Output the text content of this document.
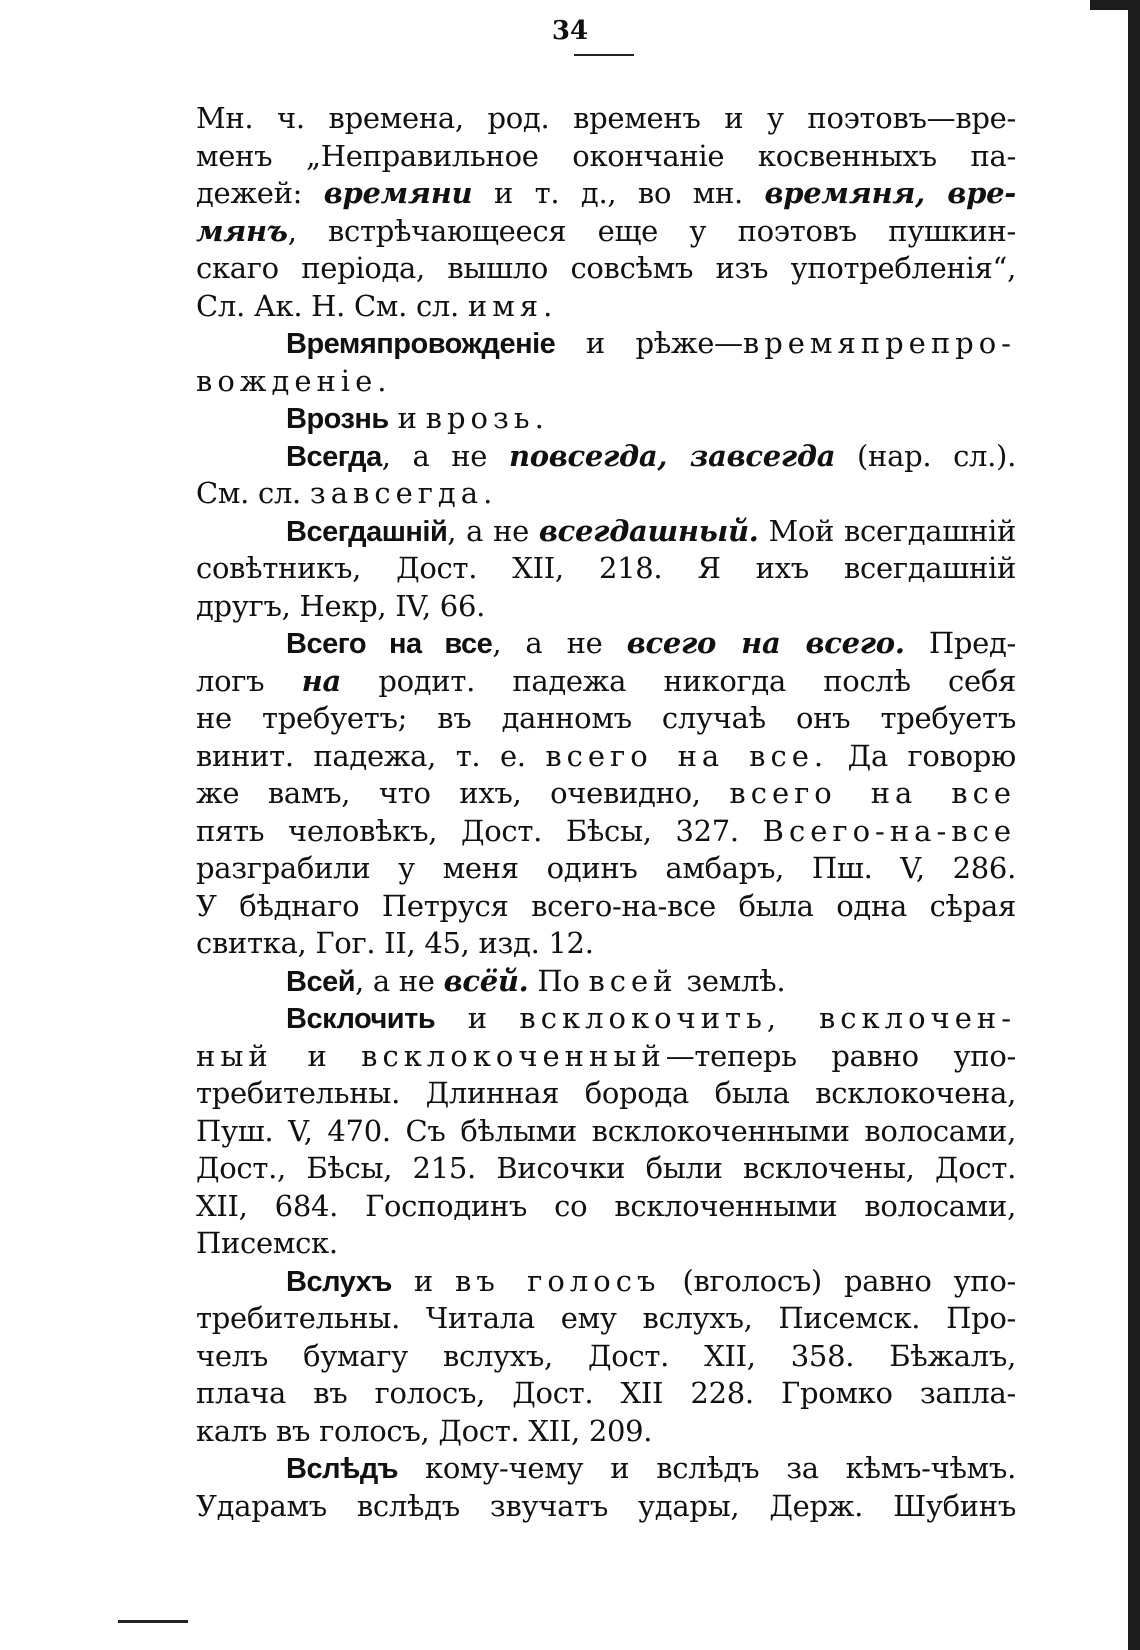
34
Мн. ч. времена, род. временъ и у поэтовъ—вре-
менъ „Неправильное окончаніе косвенныхъ па-
дежей: времяни и т. д., во мн. времяня, вре-
мянъ, встрѣчающееся еще у поэтовъ пушкин-
скаго періода, вышло совсѣмъ изъ употребленія“,
Сл. Ак. Н. См. сл. имя.
Времяпровожденіе и рѣже—времяпрепро-
вожденіе.
Врознь и врозь.
Всегда, а не повсегда, завсегда (нар. сл.).
См. сл. завсегда.
Всегдашній, а не всегдашный. Мой всегдашній
совѣтникъ, Дост. XII, 218. Я ихъ всегдашній
другъ, Некр, IV, 66.
Всего на все, а не всего на всего. Пред-
логъ на родит. падежа никогда послѣ себя
не требуетъ; въ данномъ случаѣ онъ требуетъ
винит. падежа, т. е. всего на все. Да говорю
же вамъ, что ихъ, очевидно, всего на все
пять человѣкъ, Дост. Бѣсы, 327. Всего-на-все
разграбили у меня одинъ амбаръ, Пш. V, 286.
У бѣднаго Петруся всего-на-все была одна сѣрая
свитка, Гог. II, 45, изд. 12.
Всей, а не всёй. По всей землѣ.
Всклочить и всклокочить, всклочен-
ный и всклокоченный—теперь равно упо-
требительны. Длинная борода была всклокочена,
Пуш. V, 470. Съ бѣлыми всклокоченными волосами,
Дост., Бѣсы, 215. Височки были всклочены, Дост.
XII, 684. Господинъ со всклоченными волосами,
Писемск.
Вслухъ и въ голосъ (вголосъ) равно упо-
требительны. Читала ему вслухъ, Писемск. Про-
челъ бумагу вслухъ, Дост. XII, 358. Бѣжалъ,
плача въ голосъ, Дост. XII 228. Громко запла-
калъ въ голосъ, Дост. XII, 209.
Вслѣдъ кому-чему и вслѣдъ за кѣмъ-чѣмъ.
Ударамъ вслѣдъ звучатъ удары, Держ. Шубинъ
